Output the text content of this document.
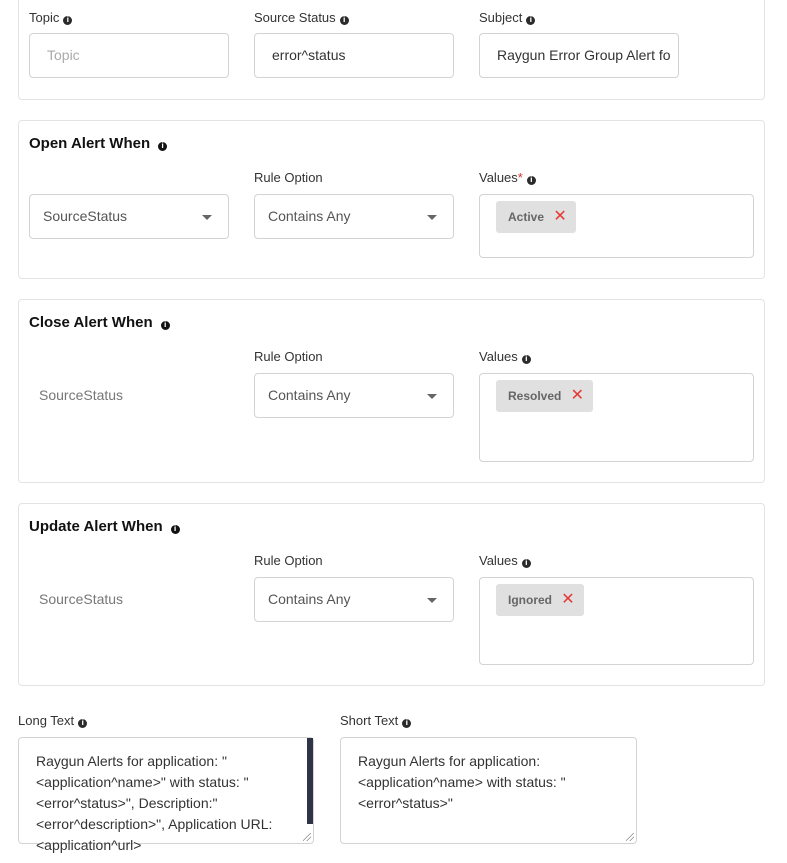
Topic i
Topic
Source Status i
error^status
Subject i
Raygun Error Group Alert fo
Open Alert When i
SourceStatus
Rule Option
Contains Any
Values* i
Active ✕
Close Alert When i
SourceStatus
Rule Option
Contains Any
Values i
Resolved ✕
Update Alert When i
SourceStatus
Rule Option
Contains Any
Values i
Ignored ✕
Long Text i
Raygun Alerts for application: "
<application^name>" with status: "
<error^status>", Description:"
<error^description>", Application URL:
<application^url>
Short Text i
Raygun Alerts for application:
<application^name> with status: "
<error^status>"
